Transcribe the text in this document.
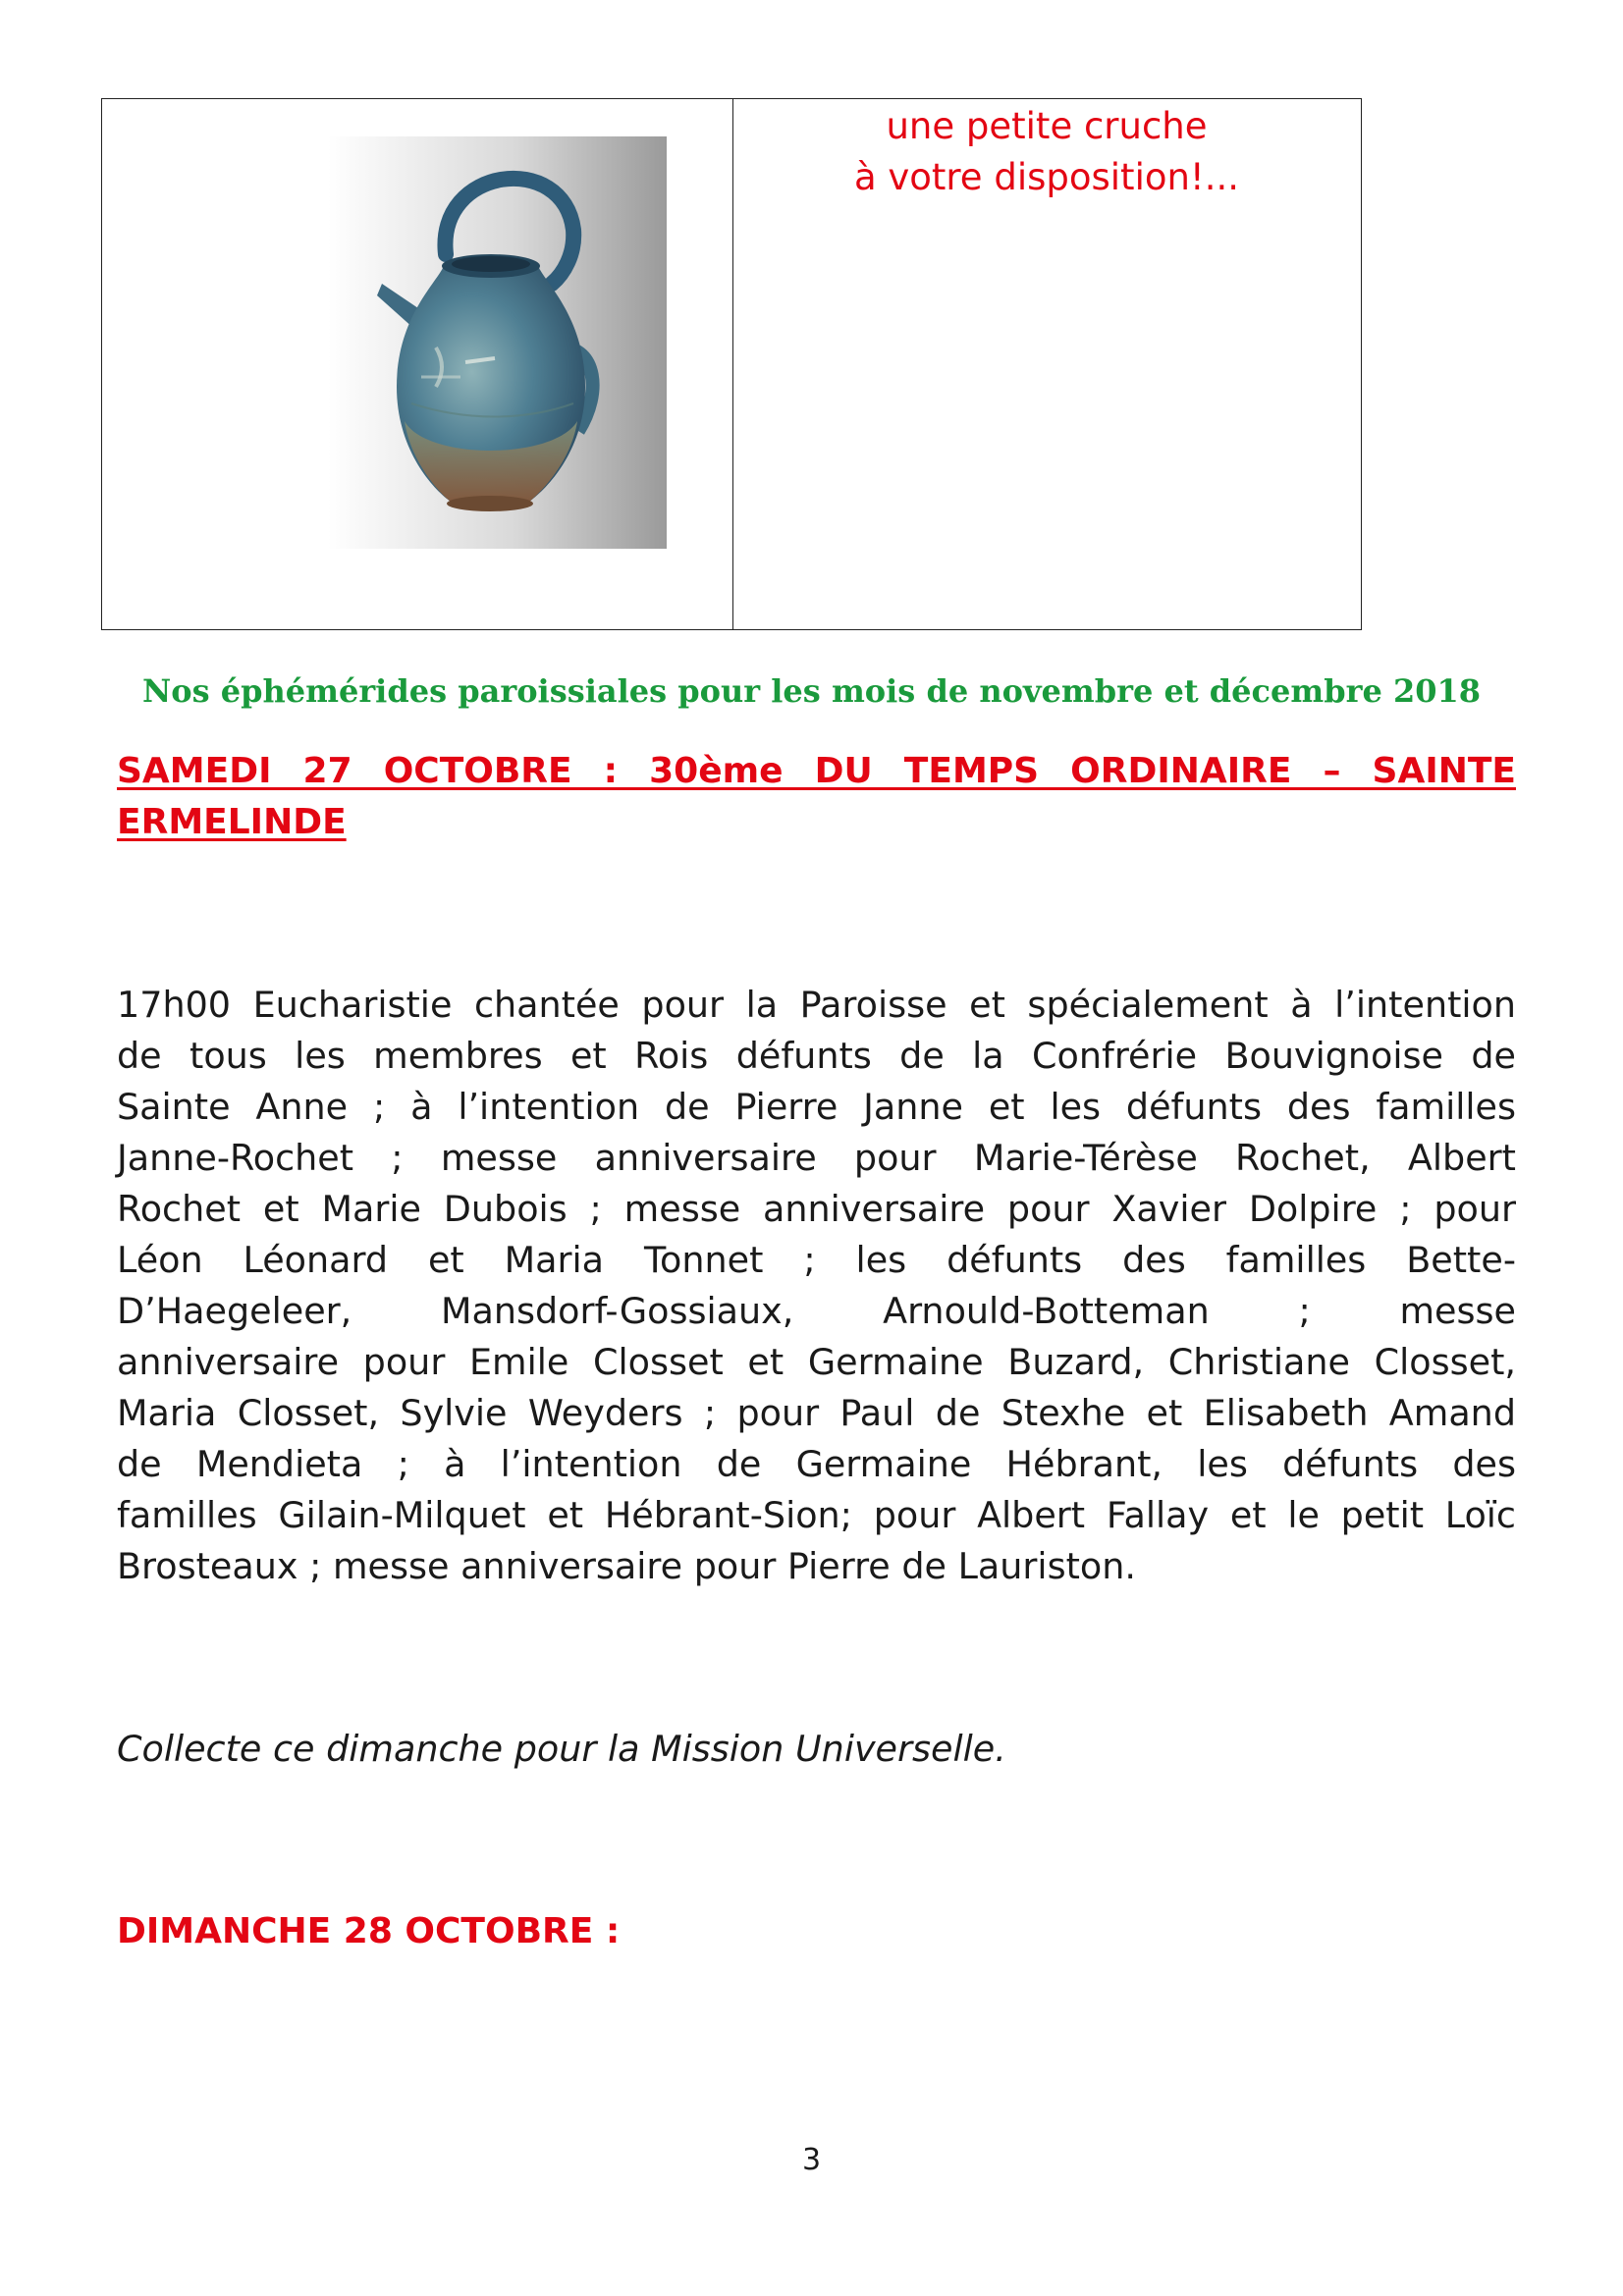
une petite cruche
à votre disposition!...
Nos éphémérides paroissiales pour les mois de novembre et décembre 2018
SAMEDI 27 OCTOBRE : 30ème DU TEMPS ORDINAIRE – SAINTE
ERMELINDE
17h00 Eucharistie chantée pour la Paroisse et spécialement à l’intention
de tous les membres et Rois défunts de la Confrérie Bouvignoise de
Sainte Anne ; à l’intention de Pierre Janne et les défunts des familles
Janne-Rochet ; messe anniversaire pour Marie-Térèse Rochet, Albert
Rochet et Marie Dubois ; messe anniversaire pour Xavier Dolpire ; pour
Léon Léonard et Maria Tonnet ; les défunts des familles Bette-
D’Haegeleer, Mansdorf-Gossiaux, Arnould-Botteman ; messe
anniversaire pour Emile Closset et Germaine Buzard, Christiane Closset,
Maria Closset, Sylvie Weyders ; pour Paul de Stexhe et Elisabeth Amand
de Mendieta ; à l’intention de Germaine Hébrant, les défunts des
familles Gilain-Milquet et Hébrant-Sion; pour Albert Fallay et le petit Loïc
Brosteaux ; messe anniversaire pour Pierre de Lauriston.
Collecte ce dimanche pour la Mission Universelle.
DIMANCHE 28 OCTOBRE :
3
